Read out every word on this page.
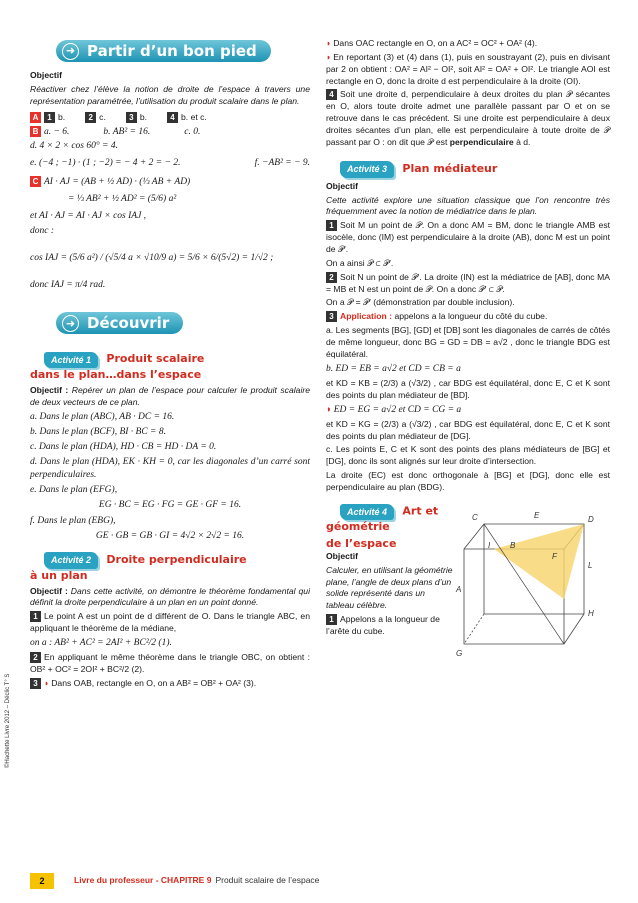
©Hachette Livre 2012 – Déclic T° S
➜ Partir d’un bon pied

Objectif

Réactiver chez l’élève la notion de droite de l’espace à travers une représentation paramétrée, l’utilisation du produit scalaire dans le plan.

A 1 b.	2 c.	3 b.	4 b. et c.
B a. − 6.	b. AB² = 16.	c. 0.

d. 4 × 2 × cos 60° = 4.

e. (−4 ; −1) · (1 ; −2) = − 4 + 2 = − 2.	f. −AB² = − 9.

C AI · AJ = (AB + ½ AD) · (⅓ AB + AD)

= ⅓ AB² + ½ AD² = (5/6) a²

et AI · AJ = AI · AJ × cos IAJ ,

donc :

cos IAJ = (5/6 a²) / (√5/4 a × √10/9 a) = 5/6 × 6/(5√2) = 1/√2 ;

donc IAJ = π/4 rad.

➜ Découvrir
Activité 1 Produit scalaire
dans le plan…dans l’espace

Objectif : Repérer un plan de l’espace pour calculer le produit scalaire de deux vecteurs de ce plan.

a. Dans le plan (ABC), AB · DC = 16.

b. Dans le plan (BCF), BI · BC = 8.

c. Dans le plan (HDA), HD · CB = HD · DA = 0.

d. Dans le plan (HDA), EK · KH = 0, car les diagonales d’un carré sont perpendiculaires.

e. Dans le plan (EFG),

EG · BC = EG · FG = GE · GF = 16.

f. Dans le plan (EBG),

GE · GB = GB · GI = 4√2 × 2√2 = 16.

Activité 2 Droite perpendiculaire
à un plan

Objectif : Dans cette activité, on démontre le théorème fondamental qui définit la droite perpendiculaire à un plan en un point donné.

1 Le point A est un point de d différent de O. Dans le triangle ABC, en appliquant le théorème de la médiane,

on a : AB² + AC² = 2AI² + BC²/2 (1).

2 En appliquant le même théorème dans le triangle OBC, on obtient : OB² + OC² = 2OI² + BC²/2 (2).

3 ◗ Dans OAB, rectangle en O, on a AB² = OB² + OA² (3).

◗ Dans OAC rectangle en O, on a AC² = OC² + OA² (4).

◗ En reportant (3) et (4) dans (1), puis en soustrayant (2), puis en divisant par 2 on obtient : OA² = AI² − OI², soit AI² = OA² + OI². Le triangle AOI est rectangle en O, donc la droite d est perpendiculaire à la droite (OI).

4 Soit une droite d, perpendiculaire à deux droites du plan 𝒫 sécantes en O, alors toute droite admet une parallèle passant par O et on se retrouve dans le cas précédent. Si une droite est perpendiculaire à deux droites sécantes d’un plan, elle est perpendiculaire à toute droite de 𝒫 passant par O : on dit que 𝒫 est perpendiculaire à d.

Activité 3 Plan médiateur

Objectif

Cette activité explore une situation classique que l’on rencontre très fréquemment avec la notion de médiatrice dans le plan.

1 Soit M un point de 𝒫. On a donc AM = BM, donc le triangle AMB est isocèle, donc (IM) est perpendiculaire à la droite (AB), donc M est un point de 𝒫′.

On a ainsi 𝒫 ⊂ 𝒫′.

2 Soit N un point de 𝒫′. La droite (IN) est la médiatrice de [AB], donc MA = MB et N est un point de 𝒫. On a donc 𝒫′ ⊂ 𝒫.

On a 𝒫 = 𝒫′ (démonstration par double inclusion).

3 Application : appelons a la longueur du côté du cube.

a. Les segments [BG], [GD] et [DB] sont les diagonales de carrés de côtés de même longueur, donc BG = GD = DB = a√2 , donc le triangle BDG est équilatéral.

b. ED = EB = a√2 et CD = CB = a

et KD = KB = (2/3) a (√3/2) , car BDG est équilatéral, donc E, C et K sont des points du plan médiateur de [BD].

◗ ED = EG = a√2 et CD = CG = a

et KD = KG = (2/3) a (√3/2) , car BDG est équilatéral, donc E, C et K sont des points du plan médiateur de [DG].

c. Les points E, C et K sont des points des plans médiateurs de [BG] et [DG], donc ils sont alignés sur leur droite d’intersection.

La droite (EC) est donc orthogonale à [BG] et [DG], donc elle est perpendiculaire au plan (BDG).

Activité 4 Art et géométrie
de l’espace

Objectif

Calculer, en utilisant la géométrie plane, l’angle de deux plans d’un solide représenté dans un tableau célèbre.

1 Appelons a la longueur de l’arête du cube.

E
C	D
I B
F
L
A
H
G
2	Livre du professeur - CHAPITRE 9 Produit scalaire de l’espace
